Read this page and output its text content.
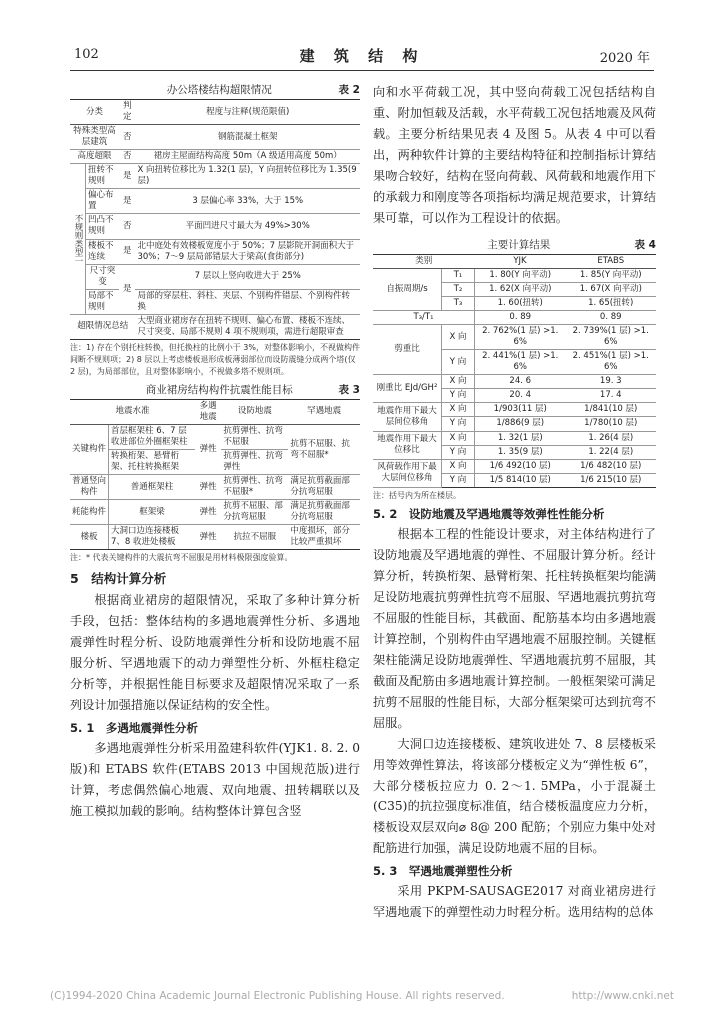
102	建 筑 结 构	2020 年
办公塔楼结构超限情况	表 2
分类		判定	程度与注释(规范限值)
特殊类型高层建筑		否	钢筋混凝土框架
高度超限		否	裙房主屋面结构高度 50m（A 级适用高度 50m）
不规则类型一	扭转不规则	是	X 向扭转位移比为 1.32(1 层)，Y 向扭转位移比为 1.35(9 层)
	偏心布置	是	3 层偏心率 33%，大于 15%
	凹凸不规则	否	平面凹进尺寸最大为 49%>30%
	楼板不连续	是	北中庭处有效楼板宽度小于 50%；7 层影院开洞面积大于 30%；7～9 层局部错层大于梁高(食街部分)
	尺寸突变	是	7 层以上竖向收进大于 25%
	局部不规则		局部的穿层柱、斜柱、夹层、个别构件错层、个别构件转换
超限情况总结			大型商业裙房存在扭转不规则、偏心布置、楼板不连续、尺寸突变、局部不规则 4 项不规则项，需进行超限审查
注：1) 存在个别托柱转换，但托换柱的比例小于 3%，对整体影响小，不视做构件间断不规则项；2) 8 层以上考虑楼板退形成板薄弱部位而设防震缝分成两个塔(仅 2 层)，为局部部位，且对整体影响小，不视做多塔不规则项。
商业裙房结构构件抗震性能目标	表 3
地震水准		多遇地震	设防地震	罕遇地震
关键构件	首层框架柱 6、7 层收进部位外圈框架柱	弹性	抗剪弹性、抗弯不屈服	抗剪不屈服、抗弯不屈服*
	转换桁架、悬臂桁架、托柱转换框架		抗剪弹性、抗弯弹性	
普通竖向构件	普通框架柱	弹性	抗剪弹性、抗弯不屈服*	满足抗剪截面部分抗弯屈服
耗能构件	框架梁	弹性	抗剪不屈服、部分抗弯屈服	满足抗剪截面部分抗弯屈服
楼板	大洞口边连接楼板 7、8 收进处楼板	弹性	抗拉不屈服	中度损坏，部分比较严重损坏
注：* 代表关键构件的大震抗弯不屈服是用材料极限强度验算。
5　结构计算分析

根据商业裙房的超限情况，采取了多种计算分析手段，包括：整体结构的多遇地震弹性分析、多遇地震弹性时程分析、设防地震弹性分析和设防地震不屈服分析、罕遇地震下的动力弹塑性分析、外框柱稳定分析等，并根据性能目标要求及超限情况采取了一系列设计加强措施以保证结构的安全性。

5. 1　多遇地震弹性分析

多遇地震弹性分析采用盈建科软件(YJK1. 8. 2. 0 版)和 ETABS 软件(ETABS 2013 中国规范版)进行计算，考虑偶然偏心地震、双向地震、扭转耦联以及施工模拟加载的影响。结构整体计算包含竖

向和水平荷载工况，其中竖向荷载工况包括结构自重、附加恒载及活载，水平荷载工况包括地震及风荷载。主要分析结果见表 4 及图 5。从表 4 中可以看出，两种软件计算的主要结构特征和控制指标计算结果吻合较好，结构在竖向荷载、风荷载和地震作用下的承载力和刚度等各项指标均满足规范要求，计算结果可靠，可以作为工程设计的依据。

主要计算结果	表 4
类别		YJK	ETABS
自振周期/s	T₁	1. 80(Y 向平动)	1. 85(Y 向平动)
	T₂	1. 62(X 向平动)	1. 67(X 向平动)
	T₃	1. 60(扭转)	1. 65(扭转)
T₃/T₁		0. 89	0. 89
剪重比	X 向	2. 762%(1 层) >1. 6%	2. 739%(1 层) >1. 6%
	Y 向	2. 441%(1 层) >1. 6%	2. 451%(1 层) >1. 6%
刚重比 EJd/GH²	X 向	24. 6	19. 3
	Y 向	20. 4	17. 4
地震作用下最大层间位移角	X 向	1/903(11 层)	1/841(10 层)
	Y 向	1/886(9 层)	1/780(10 层)
地震作用下最大位移比	X 向	1. 32(1 层)	1. 26(4 层)
	Y 向	1. 35(9 层)	1. 22(4 层)
风荷载作用下最大层间位移角	X 向	1/6 492(10 层)	1/6 482(10 层)
	Y 向	1/5 814(10 层)	1/6 215(10 层)
注：括号内为所在楼层。
5. 2　设防地震及罕遇地震等效弹性性能分析

根据本工程的性能设计要求，对主体结构进行了设防地震及罕遇地震的弹性、不屈服计算分析。经计算分析，转换桁架、悬臂桁架、托柱转换框架均能满足设防地震抗剪弹性抗弯不屈服、罕遇地震抗剪抗弯不屈服的性能目标，其截面、配筋基本均由多遇地震计算控制，个别构件由罕遇地震不屈服控制。关键框架柱能满足设防地震弹性、罕遇地震抗剪不屈服，其截面及配筋由多遇地震计算控制。一般框架梁可满足抗剪不屈服的性能目标，大部分框架梁可达到抗弯不屈服。

大洞口边连接楼板、建筑收进处 7、8 层楼板采用等效弹性算法，将该部分楼板定义为“弹性板 6”，大部分楼板拉应力 0. 2～1. 5MPa，小于混凝土(C35)的抗拉强度标准值，结合楼板温度应力分析，楼板设双层双向⌀ 8@ 200 配筋；个别应力集中处对配筋进行加强，满足设防地震不屈的目标。

5. 3　罕遇地震弹塑性分析

采用 PKPM-SAUSAGE2017 对商业裙房进行罕遇地震下的弹塑性动力时程分析。选用结构的总体

(C)1994-2020 China Academic Journal Electronic Publishing House. All rights reserved.	http://www.cnki.net
